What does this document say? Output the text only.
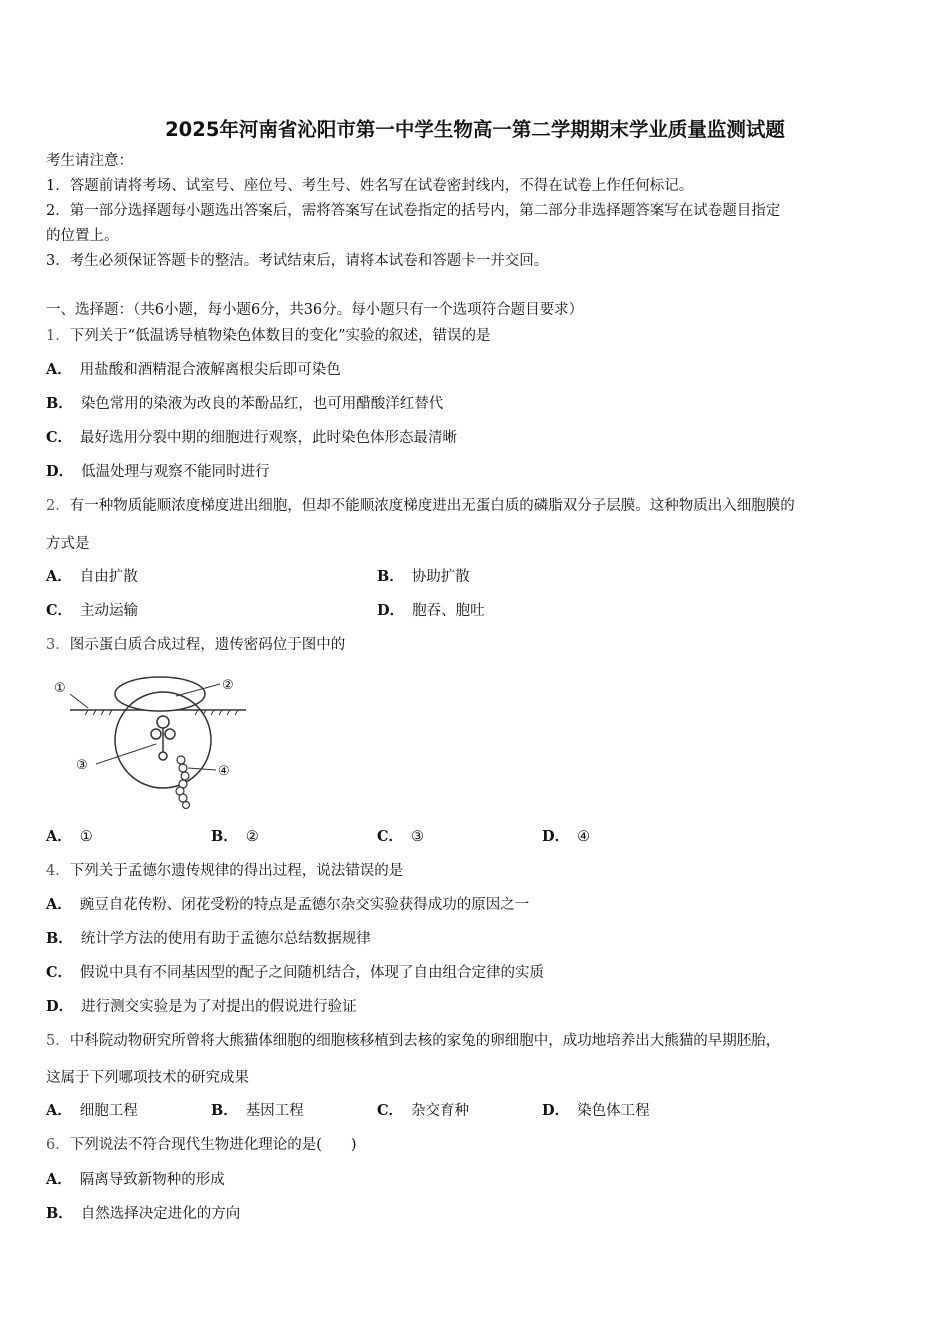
2025年河南省沁阳市第一中学生物高一第二学期期末学业质量监测试题
考生请注意：
1．答题前请将考场、试室号、座位号、考生号、姓名写在试卷密封线内，不得在试卷上作任何标记。
2．第一部分选择题每小题选出答案后，需将答案写在试卷指定的括号内，第二部分非选择题答案写在试卷题目指定
的位置上。
3．考生必须保证答题卡的整洁。考试结束后，请将本试卷和答题卡一并交回。
一、选择题：（共6小题，每小题6分，共36分。每小题只有一个选项符合题目要求）
1．下列关于“低温诱导植物染色体数目的变化”实验的叙述，错误的是
A． 用盐酸和酒精混合液解离根尖后即可染色
B． 染色常用的染液为改良的苯酚品红，也可用醋酸洋红替代
C． 最好选用分裂中期的细胞进行观察，此时染色体形态最清晰
D． 低温处理与观察不能同时进行
2．有一种物质能顺浓度梯度进出细胞，但却不能顺浓度梯度进出无蛋白质的磷脂双分子层膜。这种物质出入细胞膜的
方式是
A． 自由扩散	B． 协助扩散
C． 主动运输	D． 胞吞、胞吐
3．图示蛋白质合成过程，遗传密码位于图中的
①	②
③	④
A． ①	B． ②	C． ③	D． ④
4．下列关于孟德尔遗传规律的得出过程，说法错误的是
A． 豌豆自花传粉、闭花受粉的特点是孟德尔杂交实验获得成功的原因之一
B． 统计学方法的使用有助于孟德尔总结数据规律
C． 假说中具有不同基因型的配子之间随机结合，体现了自由组合定律的实质
D． 进行测交实验是为了对提出的假说进行验证
5．中科院动物研究所曾将大熊猫体细胞的细胞核移植到去核的家兔的卵细胞中，成功地培养出大熊猫的早期胚胎，
这属于下列哪项技术的研究成果
A． 细胞工程	B． 基因工程	C． 杂交育种	D． 染色体工程
6．下列说法不符合现代生物进化理论的是(　　)
A． 隔离导致新物种的形成
B． 自然选择决定进化的方向
